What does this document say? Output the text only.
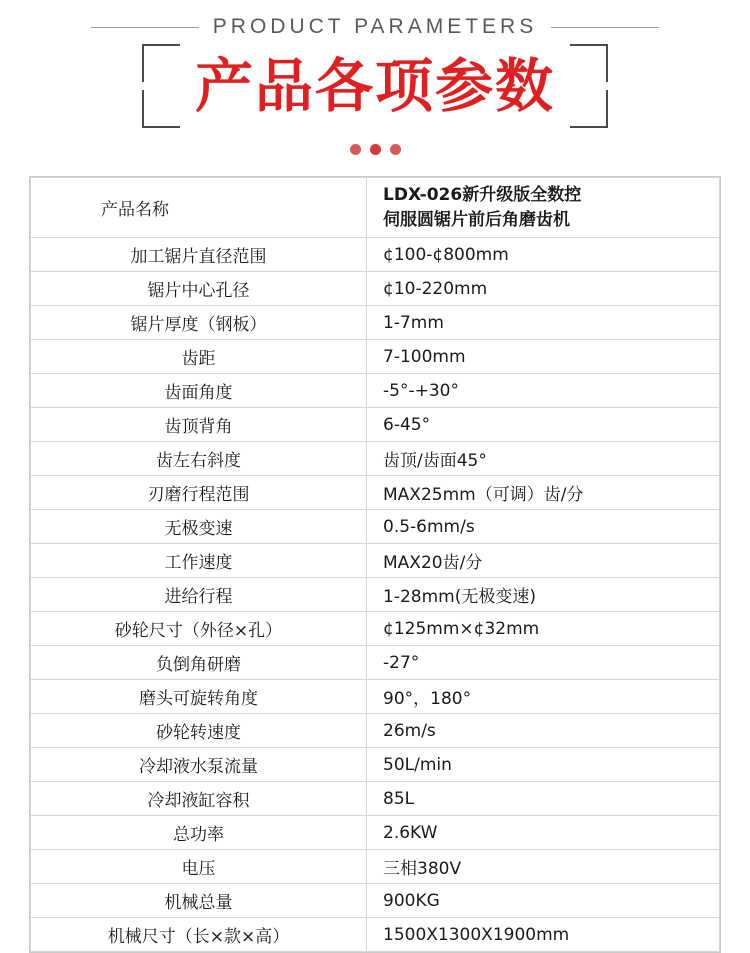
PRODUCT PARAMETERS
产品各项参数
产品名称	LDX-026新升级版全数控
伺服圆锯片前后角磨齿机

加工锯片直径范围	¢100-¢800mm
锯片中心孔径	¢10-220mm
锯片厚度（钢板）	1-7mm
齿距	7-100mm
齿面角度	-5°-+30°
齿顶背角	6-45°
齿左右斜度	齿顶/齿面45°
刃磨行程范围	MAX25mm（可调）齿/分
无极变速	0.5-6mm/s
工作速度	MAX20齿/分
进给行程	1-28mm(无极变速)
砂轮尺寸（外径×孔）	¢125mm×¢32mm
负倒角研磨	-27°
磨头可旋转角度	90°，180°
砂轮转速度	26m/s
冷却液水泵流量	50L/min
冷却液缸容积	85L
总功率	2.6KW
电压	三相380V
机械总量	900KG
机械尺寸（长×款×高）	1500X1300X1900mm
